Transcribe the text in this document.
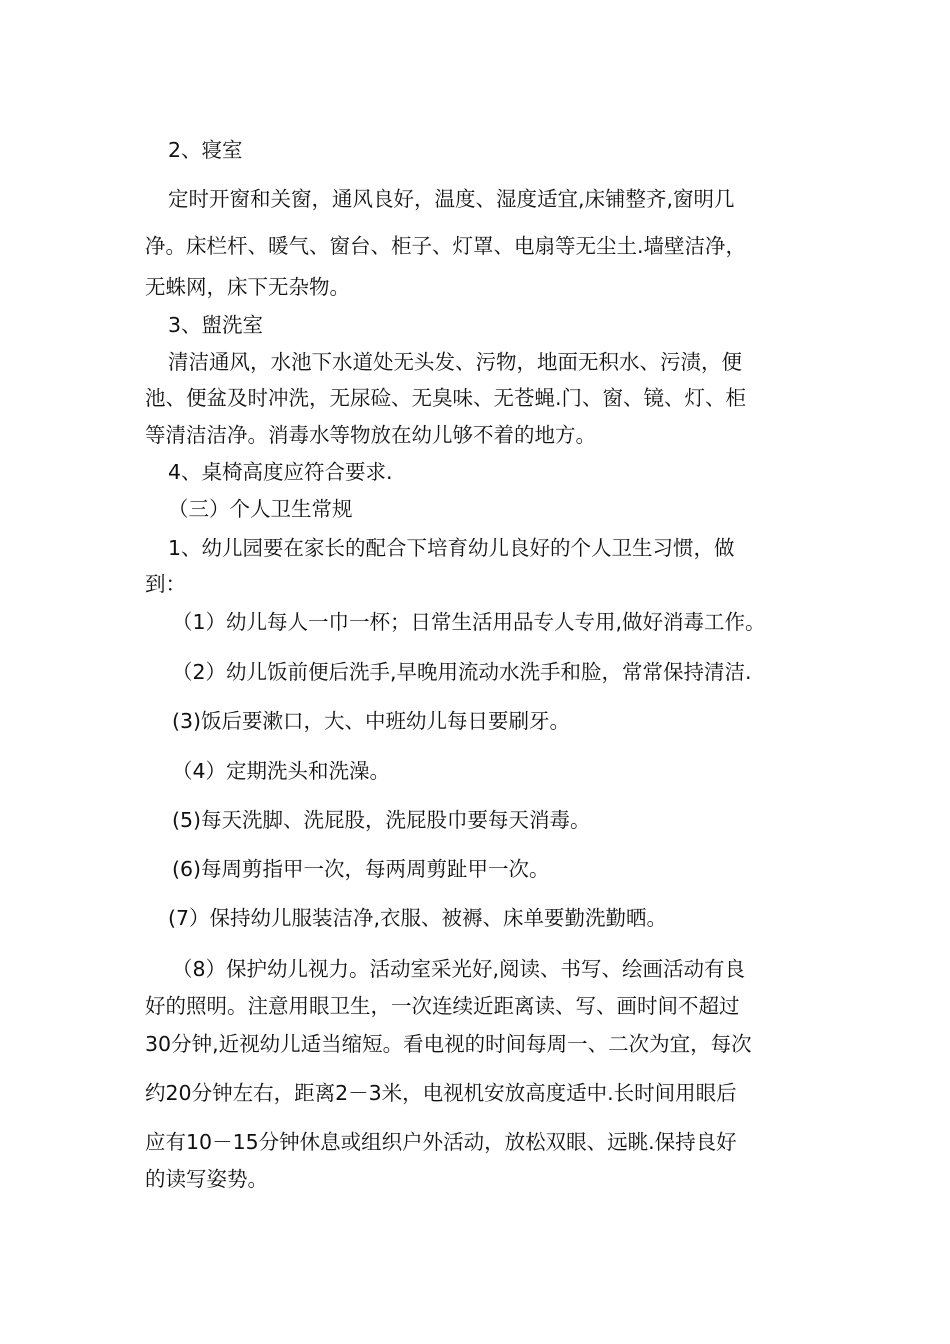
2、寝室
定时开窗和关窗，通风良好，温度、湿度适宜,床铺整齐,窗明几
净。床栏杆、暖气、窗台、柜子、灯罩、电扇等无尘土.墙壁洁净，
无蛛网，床下无杂物。
3、盥洗室
清洁通风，水池下水道处无头发、污物，地面无积水、污渍，便
池、便盆及时冲洗，无尿硷、无臭味、无苍蝇.门、窗、镜、灯、柜
等清洁洁净。消毒水等物放在幼儿够不着的地方。
4、桌椅高度应符合要求.
（三）个人卫生常规
1、幼儿园要在家长的配合下培育幼儿良好的个人卫生习惯，做
到：
（1）幼儿每人一巾一杯；日常生活用品专人专用,做好消毒工作。
（2）幼儿饭前便后洗手,早晚用流动水洗手和脸，常常保持清洁.
(3)饭后要漱口，大、中班幼儿每日要刷牙。
（4）定期洗头和洗澡。
(5)每天洗脚、洗屁股，洗屁股巾要每天消毒。
(6)每周剪指甲一次，每两周剪趾甲一次。
(7）保持幼儿服装洁净,衣服、被褥、床单要勤洗勤晒。
（8）保护幼儿视力。活动室采光好,阅读、书写、绘画活动有良
好的照明。注意用眼卫生，一次连续近距离读、写、画时间不超过
30分钟,近视幼儿适当缩短。看电视的时间每周一、二次为宜，每次
约20分钟左右，距离2－3米，电视机安放高度适中.长时间用眼后
应有10－15分钟休息或组织户外活动，放松双眼、远眺.保持良好
的读写姿势。
